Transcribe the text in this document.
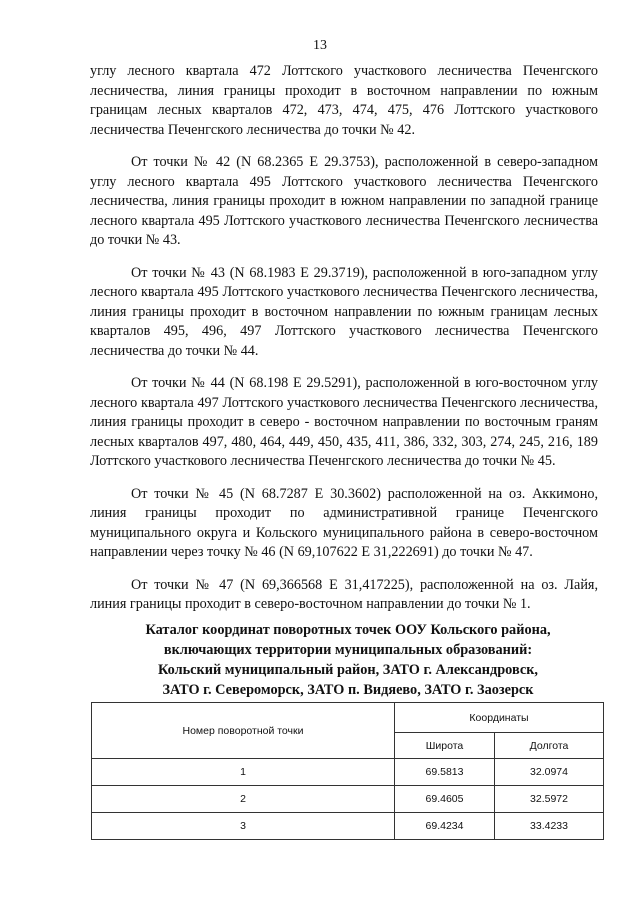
13

углу лесного квартала 472 Лоттского участкового лесничества Печенгского лесничества, линия границы проходит в восточном направлении по южным границам лесных кварталов 472, 473, 474, 475, 476 Лоттского участкового лесничества Печенгского лесничества до точки № 42.

От точки № 42 (N 68.2365 E 29.3753), расположенной в северо-западном углу лесного квартала 495 Лоттского участкового лесничества Печенгского лесничества, линия границы проходит в южном направлении по западной границе лесного квартала 495 Лоттского участкового лесничества Печенгского лесничества до точки № 43.

От точки № 43 (N 68.1983 E 29.3719), расположенной в юго-западном углу лесного квартала 495 Лоттского участкового лесничества Печенгского лесничества, линия границы проходит в восточном направлении по южным границам лесных кварталов 495, 496, 497 Лоттского участкового лесничества Печенгского лесничества до точки № 44.

От точки № 44 (N 68.198 E 29.5291), расположенной в юго-восточном углу лесного квартала 497 Лоттского участкового лесничества Печенгского лесничества, линия границы проходит в северо - восточном направлении по восточным граням лесных кварталов 497, 480, 464, 449, 450, 435, 411, 386, 332, 303, 274, 245, 216, 189 Лоттского участкового лесничества Печенгского лесничества до точки № 45.

От точки № 45 (N 68.7287 E 30.3602) расположенной на оз. Аккимоно, линия границы проходит по административной границе Печенгского муниципального округа и Кольского муниципального района в северо-восточном направлении через точку № 46 (N 69,107622 E 31,222691) до точки № 47.

От точки № 47 (N 69,366568 E 31,417225), расположенной на оз. Лайя, линия границы проходит в северо-восточном направлении до точки № 1.

Каталог координат поворотных точек ООУ Кольского района,
включающих территории муниципальных образований:
Кольский муниципальный район, ЗАТО г. Александровск,
ЗАТО г. Североморск, ЗАТО п. Видяево, ЗАТО г. Заозерск
Номер поворотной точки	Координаты	
	Широта	Долгота
1	69.5813	32.0974
2	69.4605	32.5972
3	69.4234	33.4233
